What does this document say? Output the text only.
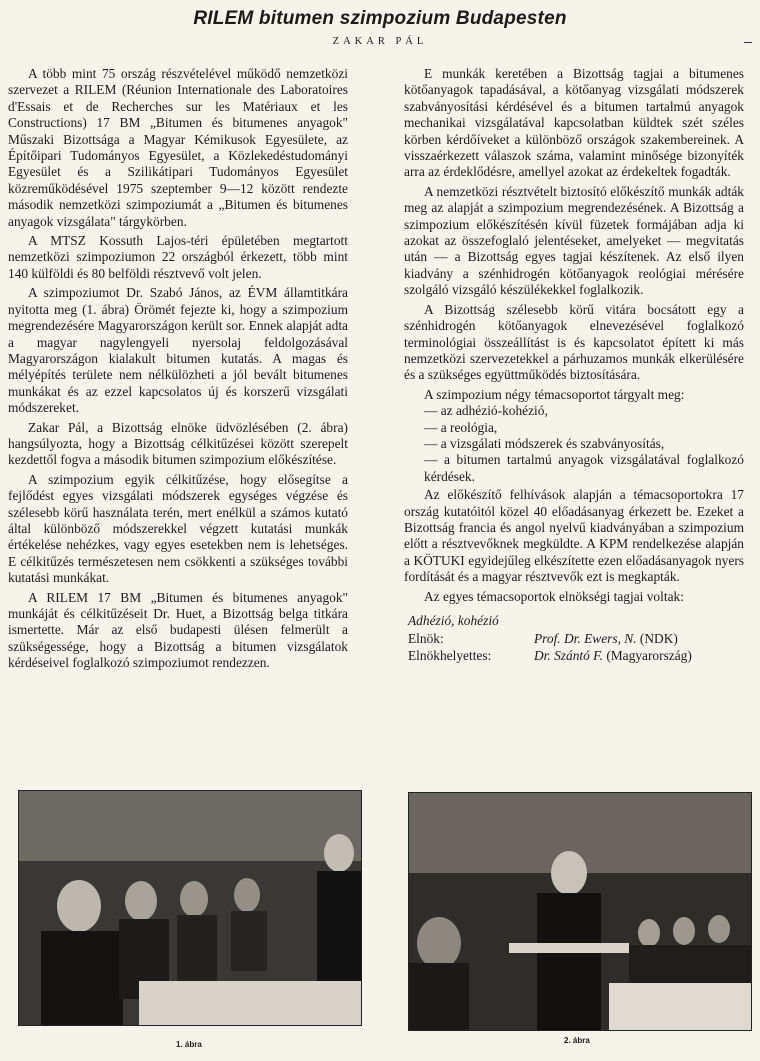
RILEM bitumen szimpozium Budapesten
ZAKAR PÁL

A több mint 75 ország részvételével működő nemzetközi szervezet a RILEM (Réunion Internationale des Laboratoires d'Essais et de Recherches sur les Matériaux et les Constructions) 17 BM „Bitumen és bitumenes anyagok" Műszaki Bizottsága a Magyar Kémikusok Egyesülete, az Építőipari Tudományos Egyesület, a Közlekedéstudományi Egyesület és a Szilikátipari Tudományos Egyesület közreműködésével 1975 szeptember 9—12 között rendezte második nemzetközi szimpoziumát a „Bitumen és bitumenes anyagok vizsgálata" tárgykörben.

A MTSZ Kossuth Lajos-téri épületében megtartott nemzetközi szimpoziumon 22 országból érkezett, több mint 140 külföldi és 80 belföldi résztvevő volt jelen.

A szimpoziumot Dr. Szabó János, az ÉVM államtitkára nyitotta meg (1. ábra) Örömét fejezte ki, hogy a szimpozium megrendezésére Magyarországon került sor. Ennek alapját adta a magyar nagylengyeli nyersolaj feldolgozásával Magyarországon kialakult bitumen kutatás. A magas és mélyépítés területe nem nélkülözheti a jól bevált bitumenes munkákat és az ezzel kapcsolatos új és korszerű vizsgálati módszereket.

Zakar Pál, a Bizottság elnöke üdvözlésében (2. ábra) hangsúlyozta, hogy a Bizottság célkitűzései között szerepelt kezdettől fogva a második bitumen szimpozium előkészítése.

A szimpozium egyik célkitűzése, hogy elősegítse a fejlődést egyes vizsgálati módszerek egységes végzése és szélesebb körű használata terén, mert enélkül a számos kutató által különböző módszerekkel végzett kutatási munkák értékelése nehézkes, vagy egyes esetekben nem is lehetséges. E célkitűzés természetesen nem csökkenti a szükséges további kutatási munkákat.

A RILEM 17 BM „Bitumen és bitumenes anyagok" munkáját és célkitűzéseit Dr. Huet, a Bizottság belga titkára ismertette. Már az első budapesti ülésen felmerült a szükségessége, hogy a Bizottság a bitumen vizsgálatok kérdéseivel foglalkozó szimpoziumot rendezzen.

E munkák keretében a Bizottság tagjai a bitumenes kötőanyagok tapadásával, a kötőanyag vizsgálati módszerek szabványosítási kérdésével és a bitumen tartalmú anyagok mechanikai vizsgálatával kapcsolatban küldtek szét széles körben kérdőíveket a különböző országok szakembereinek. A visszaérkezett válaszok száma, valamint minősége bizonyíték arra az érdeklődésre, amellyel azokat az érdekeltek fogadták.

A nemzetközi résztvételt biztosító előkészítő munkák adták meg az alapját a szimpozium megrendezésének. A Bizottság a szimpozium előkészítésén kívül füzetek formájában adja ki azokat az összefoglaló jelentéseket, amelyeket — megvitatás után — a Bizottság egyes tagjai készítenek. Az első ilyen kiadvány a szénhidrogén kötőanyagok reológiai mérésére szolgáló vizsgáló készülékekkel foglalkozik.

A Bizottság szélesebb körű vitára bocsátott egy a szénhidrogén kötőanyagok elnevezésével foglalkozó terminológiai összeállítást is és kapcsolatot épített ki más nemzetközi szervezetekkel a párhuzamos munkák elkerülésére és a szükséges együttműködés biztosítására.

A szimpozium négy témacsoportot tárgyalt meg:

— az adhézió-kohézió,
— a reológia,
— a vizsgálati módszerek és szabványosítás,
— a bitumen tartalmú anyagok vizsgálatával foglalkozó kérdések.

Az előkészítő felhívások alapján a témacsoportokra 17 ország kutatóitól közel 40 előadásanyag érkezett be. Ezeket a Bizottság francia és angol nyelvű kiadványában a szimpozium előtt a résztvevőknek megküldte. A KPM rendelkezése alapján a KÖTUKI egyidejűleg elkészítette ezen előadásanyagok nyers fordítását és a magyar résztvevők ezt is megkapták.

Az egyes témacsoportok elnökségi tagjai voltak:

Adhézió, kohézió
Elnök:	Prof. Dr. Ewers, N. (NDK)
Elnökhelyettes:	Dr. Szántó F. (Magyarország)
1. ábra	2. ábra
